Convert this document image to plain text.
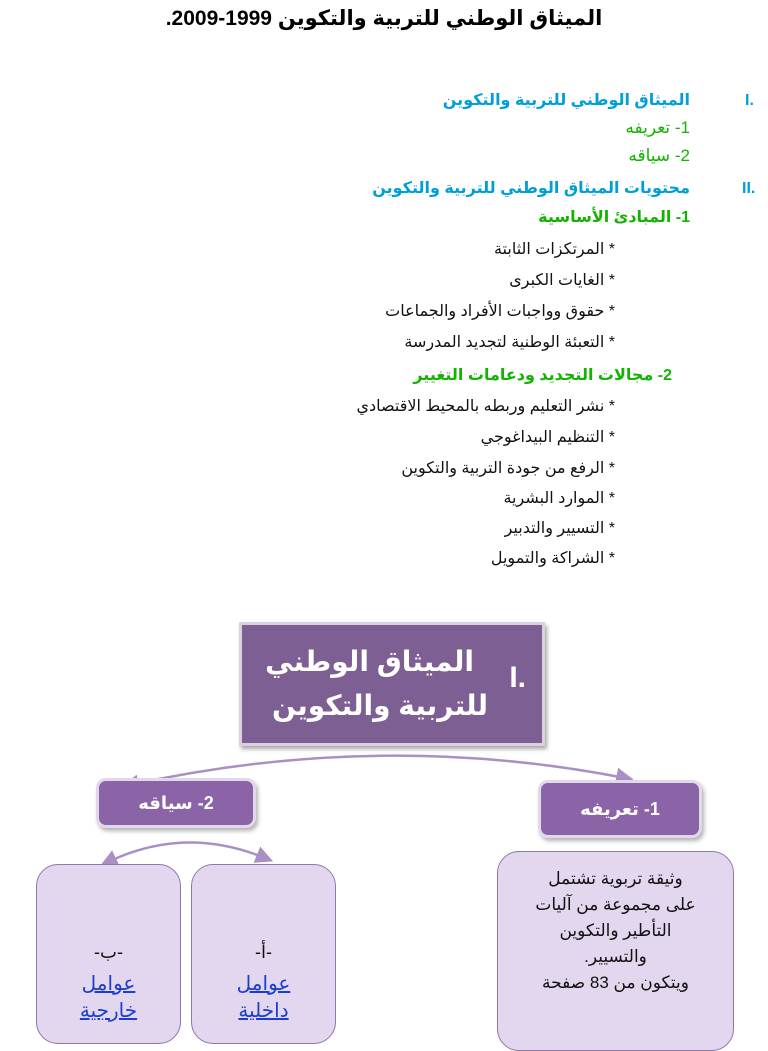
الميثاق الوطني للتربية والتكوين 1999-2009.
I.
الميثاق الوطني للتربية والتكوين
1- تعريفه
2- سياقه
II.
محتويات الميثاق الوطني للتربية والتكوين
1- المبادئ الأساسية
* المرتكزات الثابتة
* الغايات الكبرى
* حقوق وواجبات الأفراد والجماعات
* التعبئة الوطنية لتجديد المدرسة
2- مجالات التجديد ودعامات التغيير
* نشر التعليم وربطه بالمحيط الاقتصادي
* التنظيم البيداغوجي
* الرفع من جودة التربية والتكوين
* الموارد البشرية
* التسيير والتدبير
* الشراكة والتمويل
I.
الميثاق الوطني
للتربية والتكوين
2- سياقه	1- تعريفه
-ب-
عوامل
خارجية
-أ-
عوامل
داخلية
وثيقة تربوية تشتمل
على مجموعة من آليات
التأطير والتكوين
والتسيير.
ويتكون من 83 صفحة
